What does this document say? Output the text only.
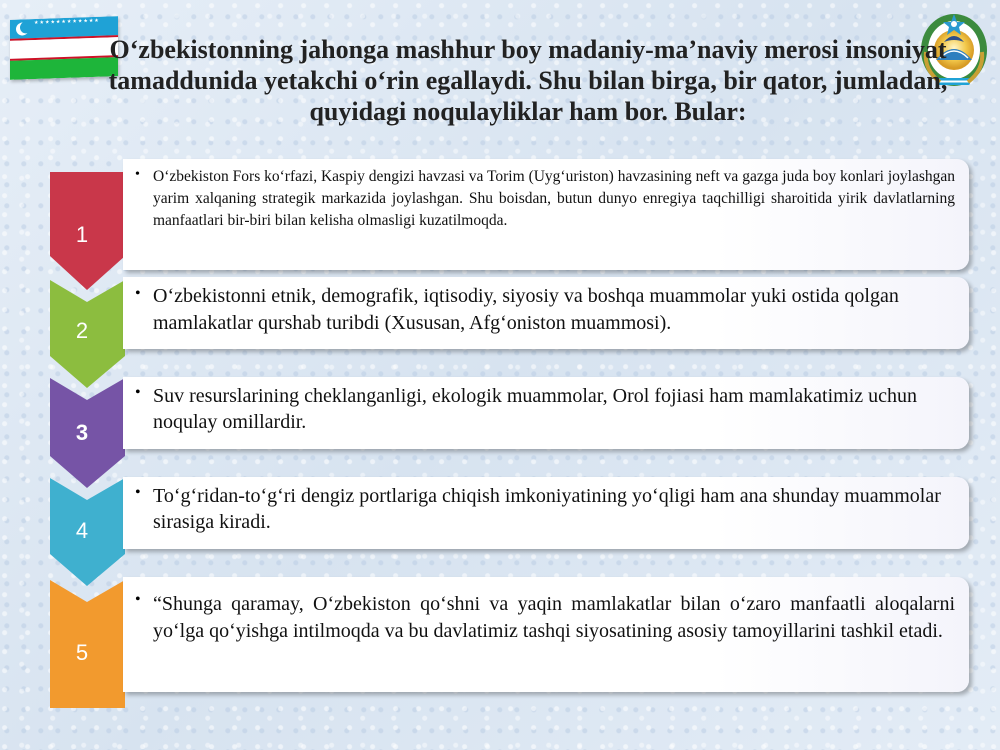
★★★★★★★★★★★★
O‘zbekistonning jahonga mashhur boy madaniy-ma’naviy merosi insoniyat tamaddunida yetakchi o‘rin egallaydi. Shu bilan birga, bir qator, jumladan, quyidagi noqulayliklar ham bor. Bular:
1
• O‘zbekiston Fors ko‘rfazi, Kaspiy dengizi havzasi va Torim (Uyg‘uriston) havzasining neft va gazga juda boy konlari joylashgan yarim xalqaning strategik markazida joylashgan. Shu boisdan, butun dunyo enregiya taqchilligi sharoitida yirik davlatlarning manfaatlari bir-biri bilan kelisha olmasligi kuzatilmoqda.

2
• O‘zbekistonni etnik, demografik, iqtisodiy, siyosiy va boshqa muammolar yuki ostida qolgan mamlakatlar qurshab turibdi (Xususan, Afg‘oniston muammosi).

3
• Suv resurslarining cheklanganligi, ekologik muammolar, Orol fojiasi ham mamlakatimiz uchun noqulay omillardir.

4
• To‘g‘ridan-to‘g‘ri dengiz portlariga chiqish imkoniyatining yo‘qligi ham ana shunday muammolar sirasiga kiradi.

5
• “Shunga qaramay, O‘zbekiston qo‘shni va yaqin mamlakatlar bilan o‘zaro manfaatli aloqalarni yo‘lga qo‘yishga intilmoqda va bu davlatimiz tashqi siyosatining asosiy tamoyillarini tashkil etadi.
